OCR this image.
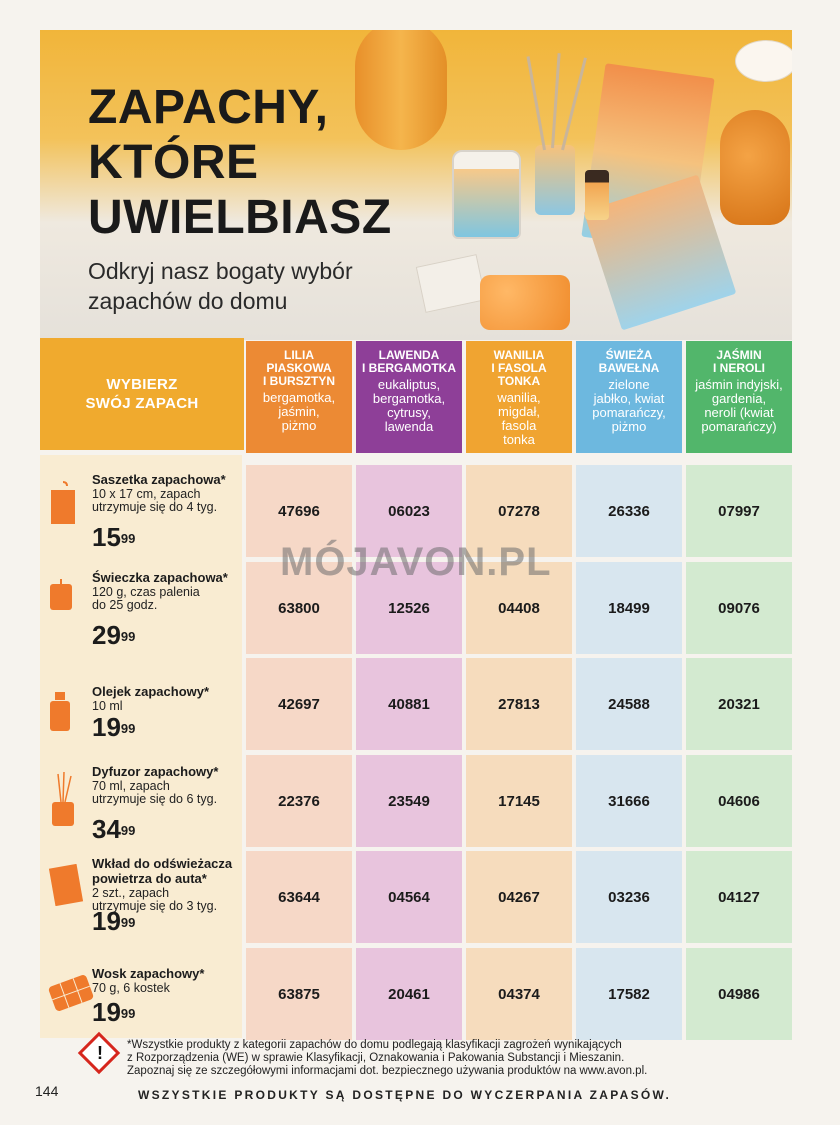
ZAPACHY,
KTÓRE
UWIELBIASZ

Odkryj nasz bogaty wybór zapachów do domu

WYBIERZ
SWÓJ ZAPACH
LILIA
PIASKOWA
I BURSZTYN
bergamotka,
jaśmin,
piżmo
LAWENDA
I BERGAMOTKA
eukaliptus,
bergamotka,
cytrusy,
lawenda
WANILIA
I FASOLA TONKA
wanilia,
migdał,
fasola
tonka
ŚWIEŻA
BAWEŁNA
zielone
jabłko, kwiat
pomarańczy,
piżmo
JAŚMIN
I NEROLI
jaśmin indyjski,
gardenia,
neroli (kwiat
pomarańczy)
Saszetka zapachowa*
10 x 17 cm, zapach
utrzymuje się do 4 tyg.
$15^{99}$
Świeczka zapachowa*
120 g, czas palenia
do 25 godz.
$29^{99}$
Olejek zapachowy*
10 ml
$19^{99}$
Dyfuzor zapachowy*
70 ml, zapach
utrzymuje się do 6 tyg.
$34^{99}$
Wkład do odświeżacza
powietrza do auta*
2 szt., zapach
utrzymuje się do 3 tyg.
$19^{99}$
Wosk zapachowy*
70 g, 6 kostek
$19^{99}$
47696	06023	07278	26336	07997
63800	12526	04408	18499	09076
42697	40881	27813	24588	20321
22376	23549	17145	31666	04606
63644	04564	04267	03236	04127
63875	20461	04374	17582	04986
MÓJAVON.PL
! *Wszystkie produkty z kategorii zapachów do domu podlegają klasyfikacji zagrożeń wynikających
z Rozporządzenia (WE) w sprawie Klasyfikacji, Oznakowania i Pakowania Substancji i Mieszanin.
Zapoznaj się ze szczegółowymi informacjami dot. bezpiecznego używania produktów na www.avon.pl.
144	WSZYSTKIE PRODUKTY SĄ DOSTĘPNE DO WYCZERPANIA ZAPASÓW.
